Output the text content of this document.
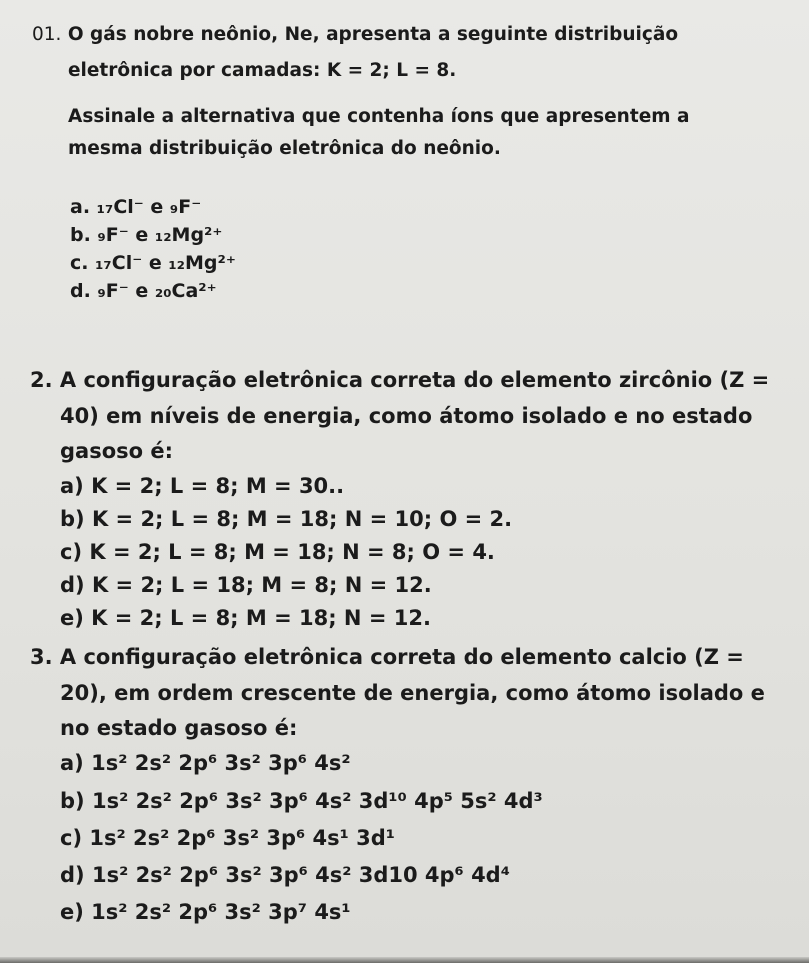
01. O gás nobre neônio, Ne, apresenta a seguinte distribuição
eletrônica por camadas: K = 2; L = 8.
Assinale a alternativa que contenha íons que apresentem a
mesma distribuição eletrônica do neônio.
a. ₁₇Cl⁻ e ₉F⁻
b. ₉F⁻ e ₁₂Mg²⁺
c. ₁₇Cl⁻ e ₁₂Mg²⁺
d. ₉F⁻ e ₂₀Ca²⁺
2. A configuração eletrônica correta do elemento zircônio (Z =
40) em níveis de energia, como átomo isolado e no estado
gasoso é:
a) K = 2; L = 8; M = 30..
b) K = 2; L = 8; M = 18; N = 10; O = 2.
c) K = 2; L = 8; M = 18; N = 8; O = 4.
d) K = 2; L = 18; M = 8; N = 12.
e) K = 2; L = 8; M = 18; N = 12.
3. A configuração eletrônica correta do elemento calcio (Z =
20), em ordem crescente de energia, como átomo isolado e
no estado gasoso é:
a) 1s² 2s² 2p⁶ 3s² 3p⁶ 4s²
b) 1s² 2s² 2p⁶ 3s² 3p⁶ 4s² 3d¹⁰ 4p⁵ 5s² 4d³
c) 1s² 2s² 2p⁶ 3s² 3p⁶ 4s¹ 3d¹
d) 1s² 2s² 2p⁶ 3s² 3p⁶ 4s² 3d10 4p⁶ 4d⁴
e) 1s² 2s² 2p⁶ 3s² 3p⁷ 4s¹
